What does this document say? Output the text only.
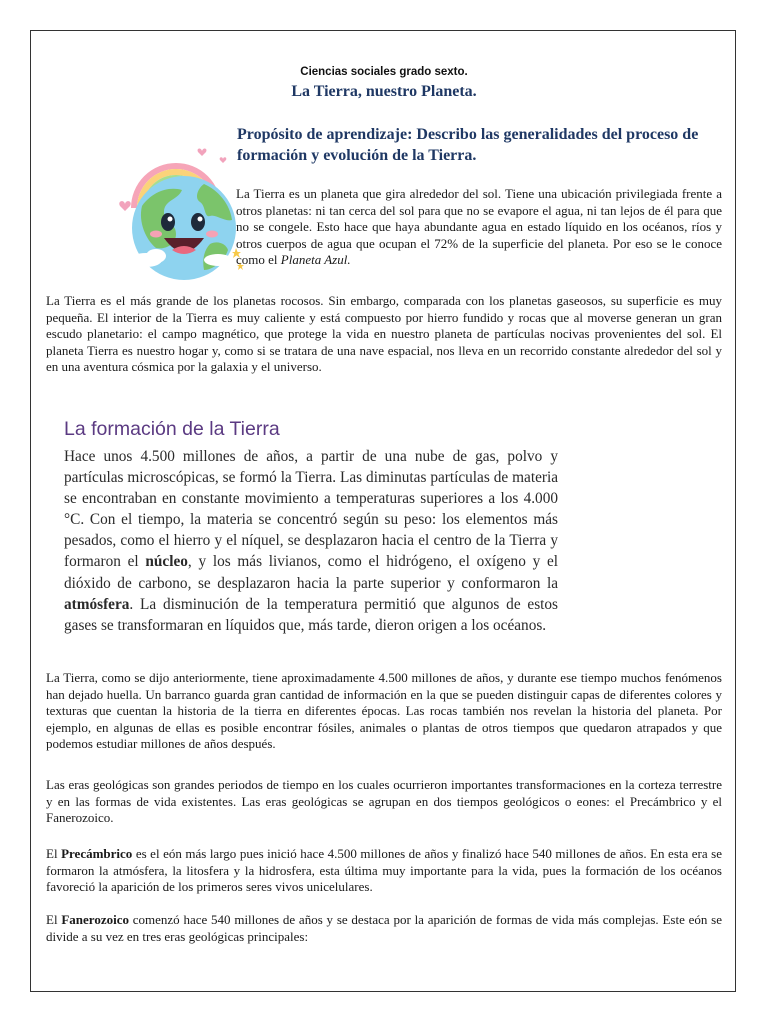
Ciencias sociales grado sexto.
La Tierra, nuestro Planeta.
Propósito de aprendizaje: Describo las generalidades del proceso de formación y evolución de la Tierra.

La Tierra es un planeta que gira alrededor del sol. Tiene una ubicación privilegiada frente a otros planetas: ni tan cerca del sol para que no se evapore el agua, ni tan lejos de él para que no se congele. Esto hace que haya abundante agua en estado líquido en los océanos, ríos y otros cuerpos de agua que ocupan el 72% de la superficie del planeta. Por eso se le conoce como el Planeta Azul.

La Tierra es el más grande de los planetas rocosos. Sin embargo, comparada con los planetas gaseosos, su superficie es muy pequeña. El interior de la Tierra es muy caliente y está compuesto por hierro fundido y rocas que al moverse generan un gran escudo planetario: el campo magnético, que protege la vida en nuestro planeta de partículas nocivas provenientes del sol. El planeta Tierra es nuestro hogar y, como si se tratara de una nave espacial, nos lleva en un recorrido constante alrededor del sol y en una aventura cósmica por la galaxia y el universo.

La formación de la Tierra
Hace unos 4.500 millones de años, a partir de una nube de gas, polvo y partículas microscópicas, se formó la Tierra. Las diminutas partículas de materia se encontraban en constante movimiento a temperaturas superiores a los 4.000 °C. Con el tiempo, la materia se concentró según su peso: los elementos más pesados, como el hierro y el níquel, se desplazaron hacia el centro de la Tierra y formaron el núcleo, y los más livianos, como el hidrógeno, el oxígeno y el dióxido de carbono, se desplazaron hacia la parte superior y conformaron la atmósfera. La disminución de la temperatura permitió que algunos de estos gases se transformaran en líquidos que, más tarde, dieron origen a los océanos.

La Tierra, como se dijo anteriormente, tiene aproximadamente 4.500 millones de años, y durante ese tiempo muchos fenómenos han dejado huella. Un barranco guarda gran cantidad de información en la que se pueden distinguir capas de diferentes colores y texturas que cuentan la historia de la tierra en diferentes épocas. Las rocas también nos revelan la historia del planeta. Por ejemplo, en algunas de ellas es posible encontrar fósiles, animales o plantas de otros tiempos que quedaron atrapados y que podemos estudiar millones de años después.

Las eras geológicas son grandes periodos de tiempo en los cuales ocurrieron importantes transformaciones en la corteza terrestre y en las formas de vida existentes. Las eras geológicas se agrupan en dos tiempos geológicos o eones: el Precámbrico y el Fanerozoico.

El Precámbrico es el eón más largo pues inició hace 4.500 millones de años y finalizó hace 540 millones de años. En esta era se formaron la atmósfera, la litosfera y la hidrosfera, esta última muy importante para la vida, pues la formación de los océanos favoreció la aparición de los primeros seres vivos unicelulares.

El Fanerozoico comenzó hace 540 millones de años y se destaca por la aparición de formas de vida más complejas. Este eón se divide a su vez en tres eras geológicas principales:
